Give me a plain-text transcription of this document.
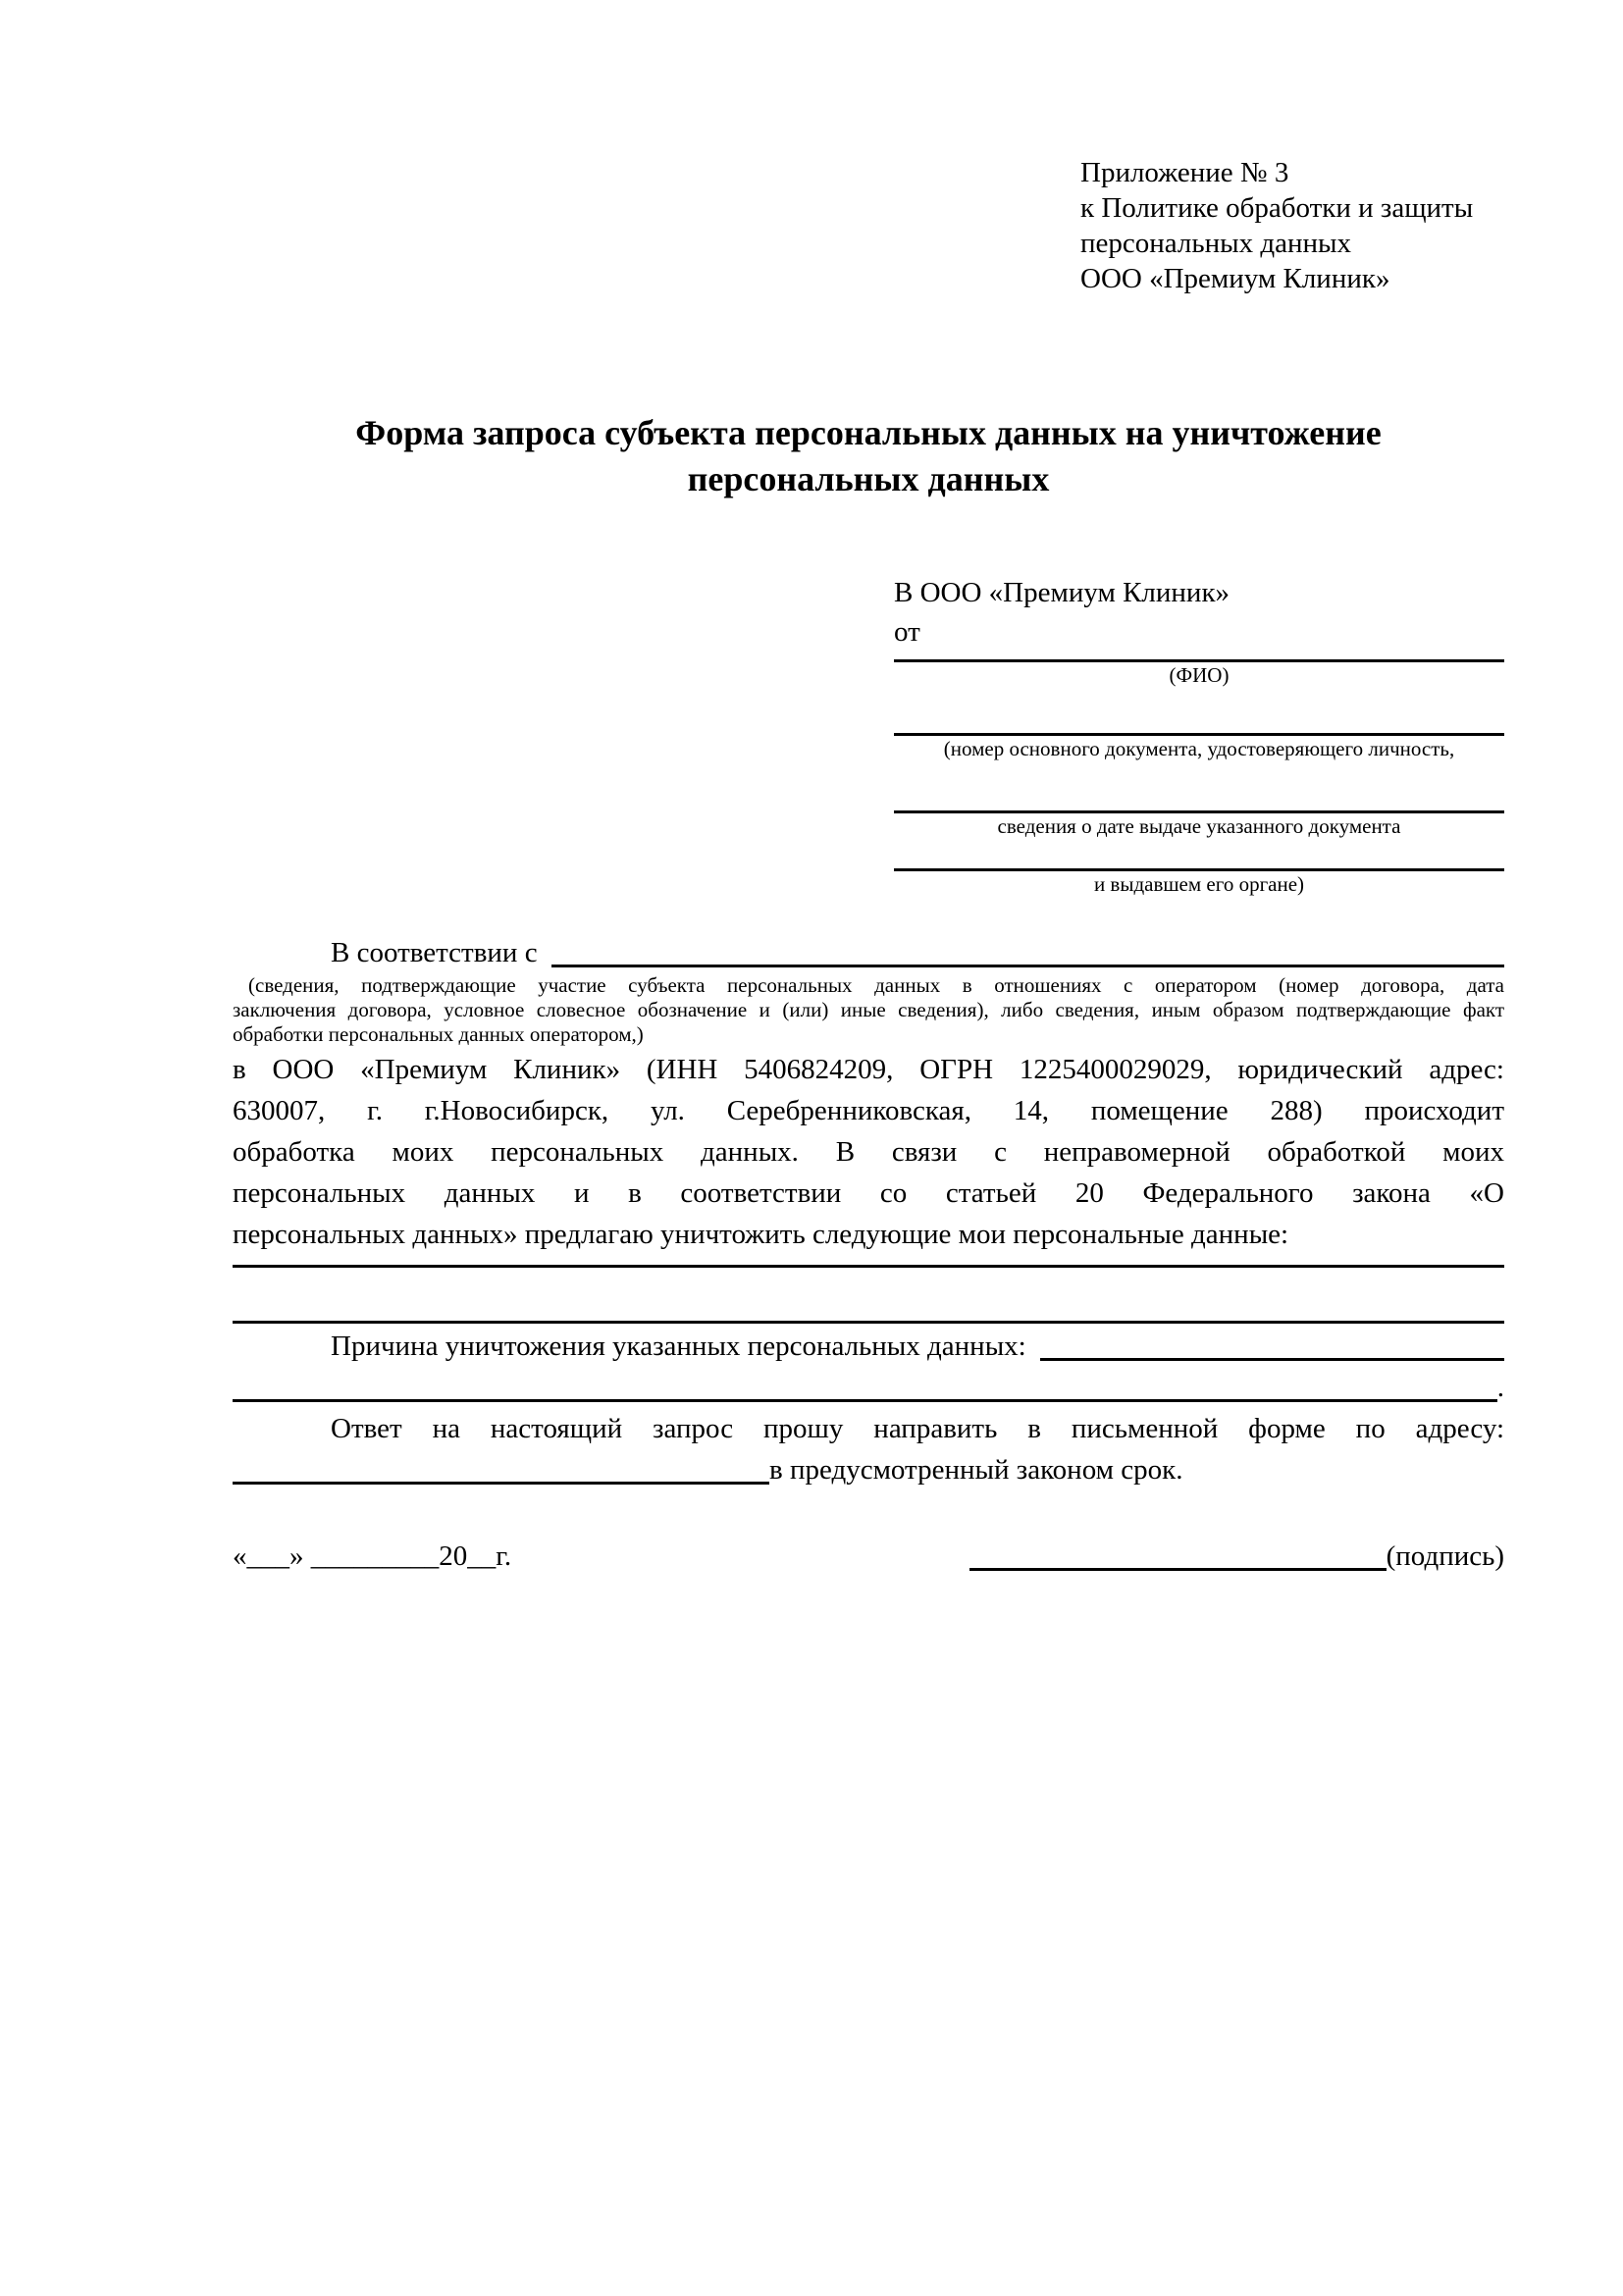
Приложение № 3
к Политике обработки и защиты
персональных данных
ООО «Премиум Клиник»
Форма запроса субъекта персональных данных на уничтожение персональных данных
В ООО «Премиум Клиник»
от
(ФИО)
(номер основного документа, удостоверяющего личность,
сведения о дате выдаче указанного документа
и выдавшем его органе)
В соответствии с
(сведения, подтверждающие участие субъекта персональных данных в отношениях с оператором (номер договора, дата
заключения договора, условное словесное обозначение и (или) иные сведения), либо сведения, иным образом подтверждающие факт
обработки персональных данных оператором,)
в ООО «Премиум Клиник» (ИНН 5406824209, ОГРН 1225400029029, юридический адрес:
630007, г. г.Новосибирск, ул. Серебренниковская, 14, помещение 288) происходит
обработка моих персональных данных. В связи с неправомерной обработкой моих
персональных данных и в соответствии со статьей 20 Федерального закона «О
персональных данных» предлагаю уничтожить следующие мои персональные данные:
Причина уничтожения указанных персональных данных:
.
Ответ на настоящий запрос прошу направить в письменной форме по адресу:
в предусмотренный законом срок.
«___» _________20__г.	(подпись)
